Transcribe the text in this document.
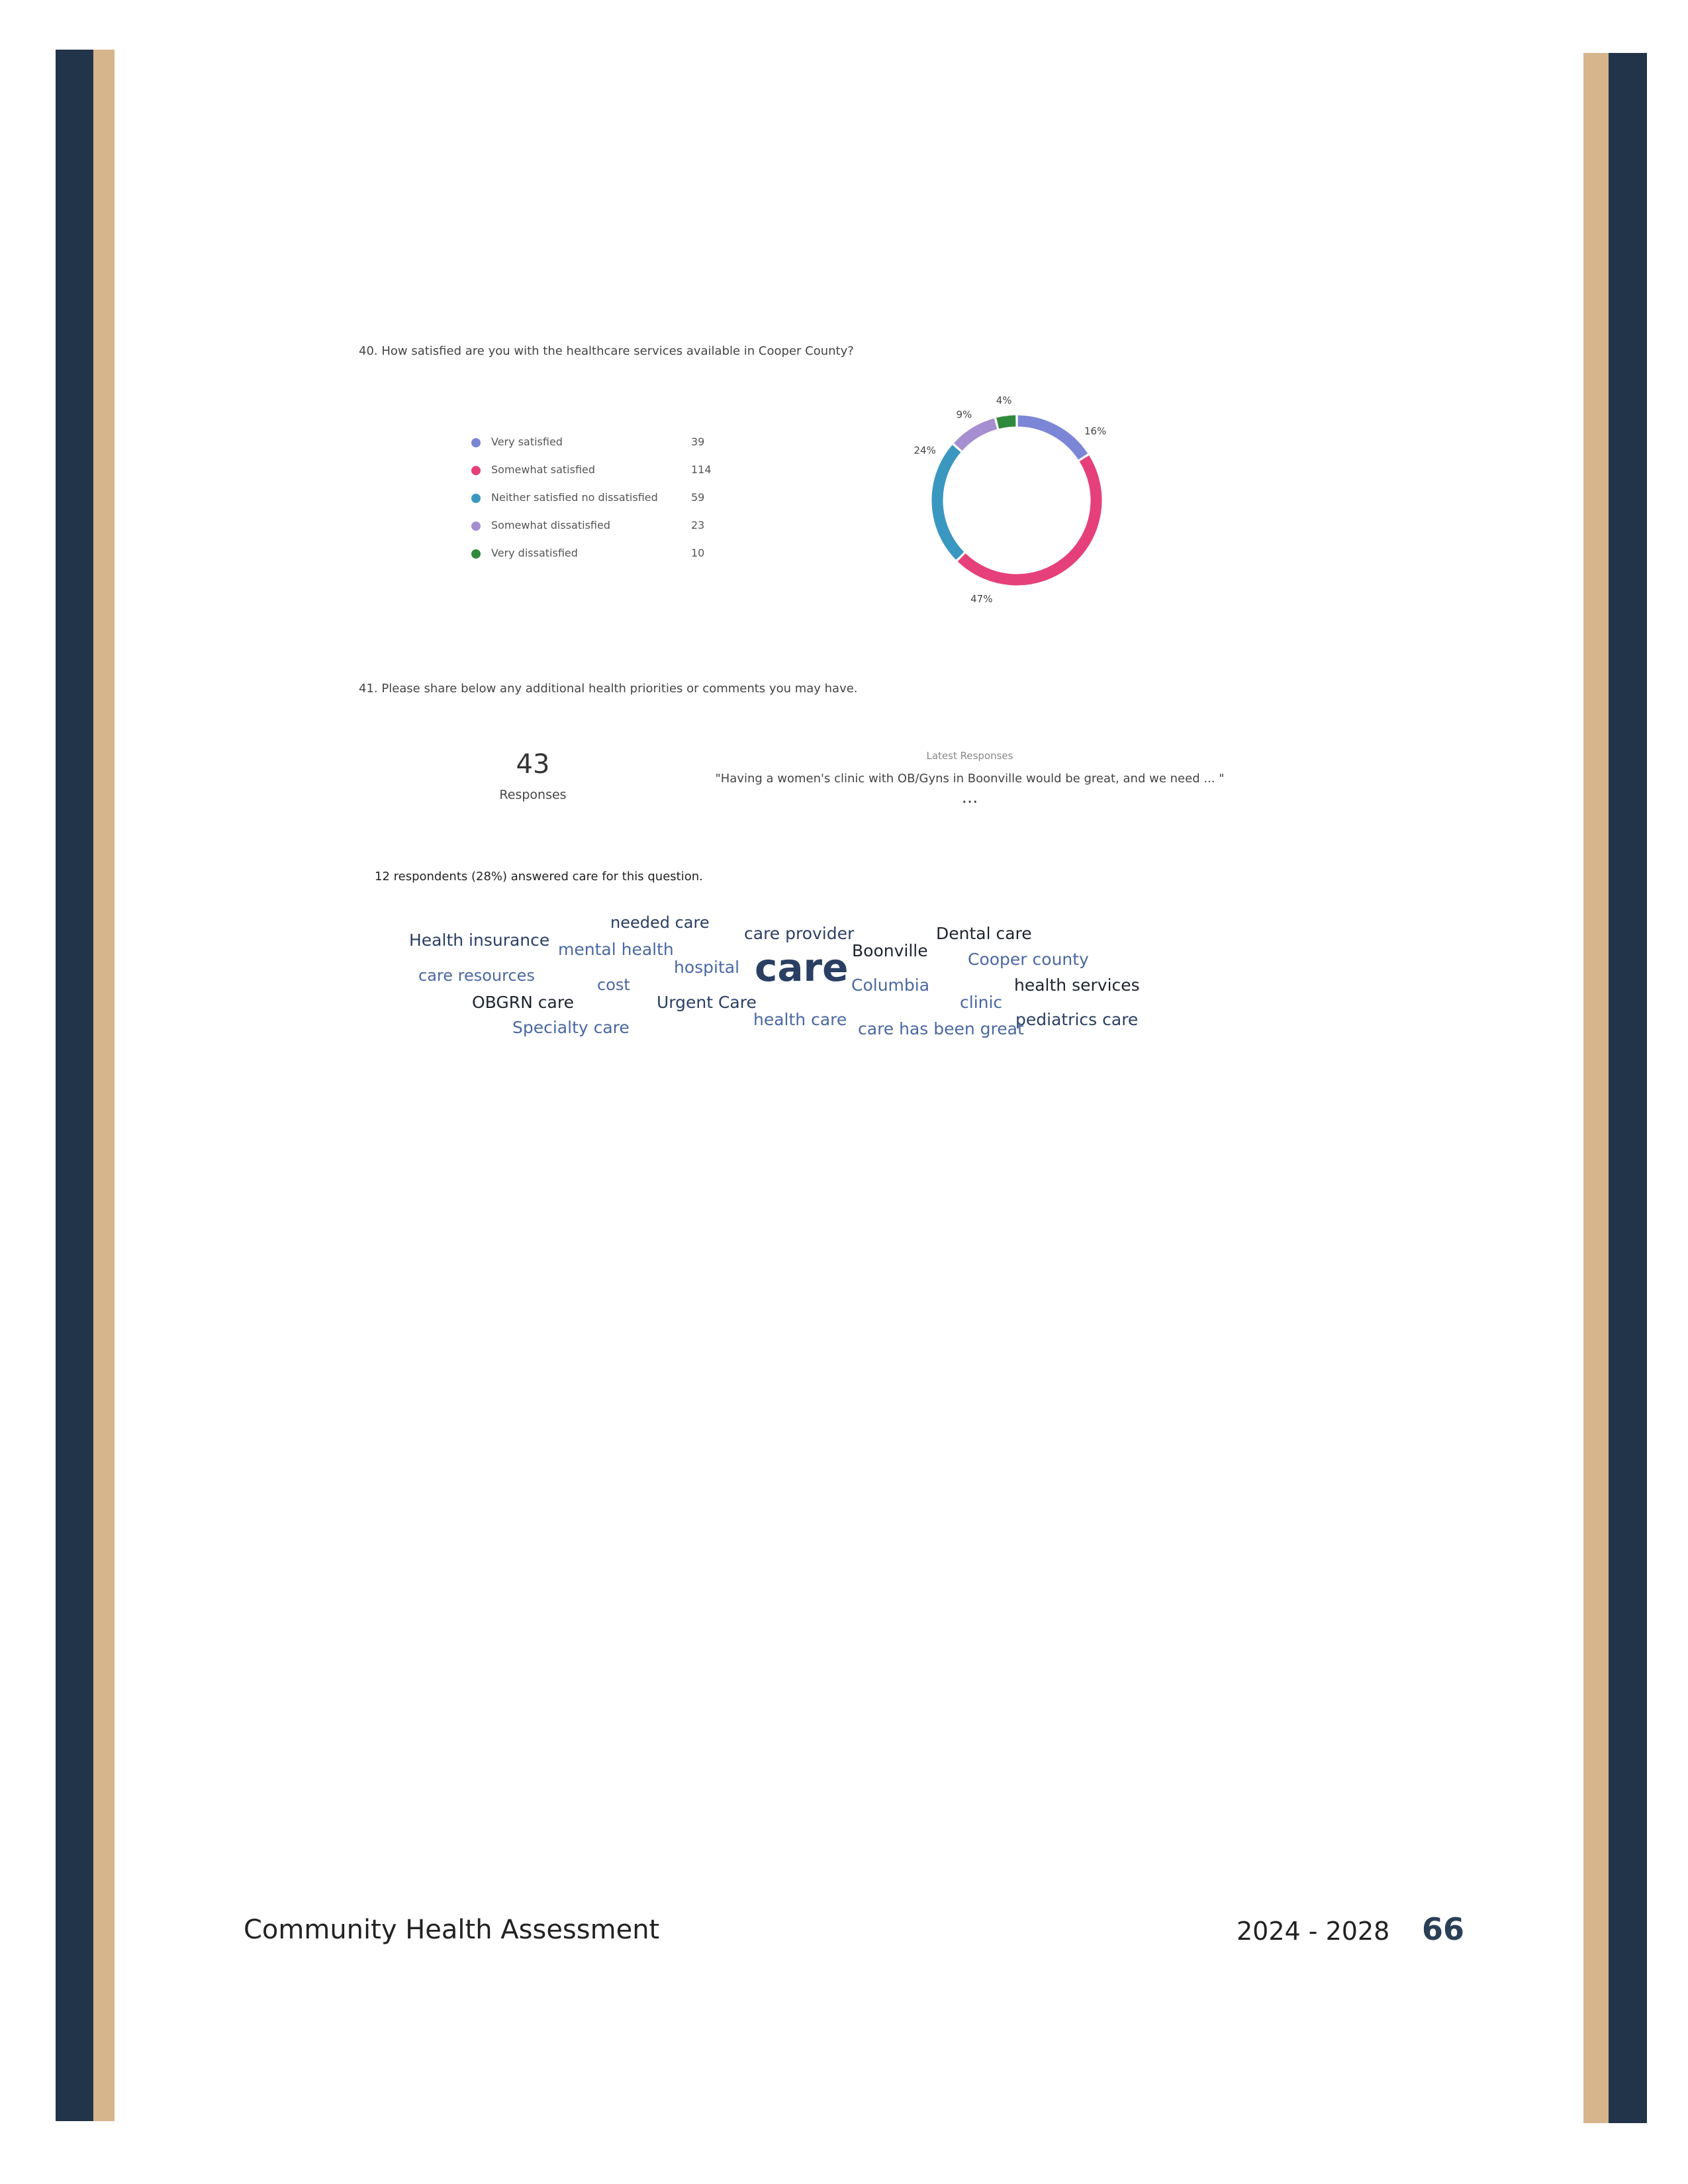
40. How satisfied are you with the healthcare services available in Cooper County?
Very satisfied	39
Somewhat satisfied	114
Neither satisfied no dissatisfied	59
Somewhat dissatisfied	23
Very dissatisfied	10
16%
47%
24%
9%
4%
41. Please share below any additional health priorities or comments you may have.
43
Responses
Latest Responses
"Having a women's clinic with OB/Gyns in Boonville would be great, and we need ... "
...
12 respondents (28%) answered care for this question.
needed care
care provider	Dental care
Health insurance mental health	Boonville Cooper county
hospital care
care resources	cost	Columbia	health services
OBGRN care	Urgent Care	clinic
health care	pediatrics care
Specialty care	care has been great
Community Health Assessment	2024 - 2028 66
